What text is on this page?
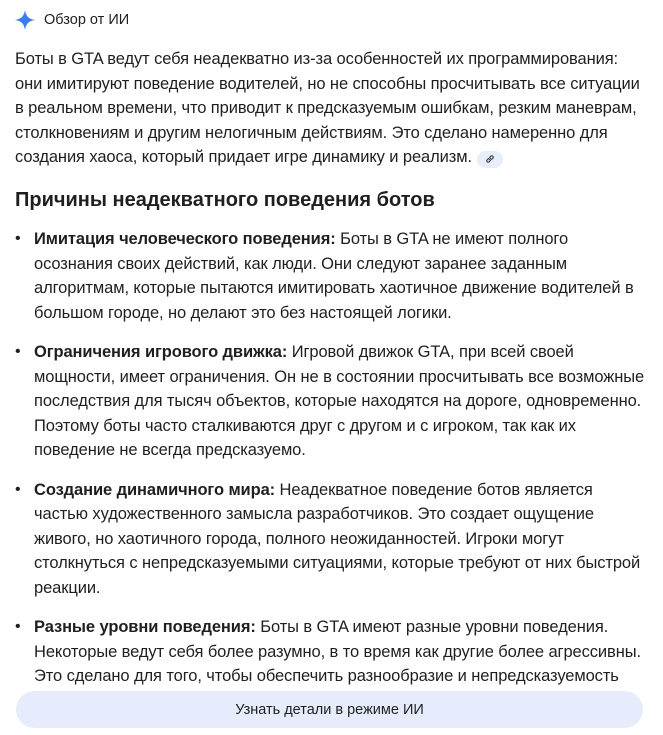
Обзор от ИИ

Боты в GTA ведут себя неадекватно из-за особенностей их программирования: они имитируют поведение водителей, но не способны просчитывать все ситуации в реальном времени, что приводит к предсказуемым ошибкам, резким маневрам, столкновениям и другим нелогичным действиям. Это сделано намеренно для создания хаоса, который придает игре динамику и реализм.

Причины неадекватного поведения ботов
• Имитация человеческого поведения: Боты в GTA не имеют полного осознания своих действий, как люди. Они следуют заранее заданным алгоритмам, которые пытаются имитировать хаотичное движение водителей в большом городе, но делают это без настоящей логики.
• Ограничения игрового движка: Игровой движок GTA, при всей своей мощности, имеет ограничения. Он не в состоянии просчитывать все возможные последствия для тысяч объектов, которые находятся на дороге, одновременно. Поэтому боты часто сталкиваются друг с другом и с игроком, так как их поведение не всегда предсказуемо.
• Создание динамичного мира: Неадекватное поведение ботов является частью художественного замысла разработчиков. Это создает ощущение живого, но хаотичного города, полного неожиданностей. Игроки могут столкнуться с непредсказуемыми ситуациями, которые требуют от них быстрой реакции.
• Разные уровни поведения: Боты в GTA имеют разные уровни поведения. Некоторые ведут себя более разумно, в то время как другие более агрессивны. Это сделано для того, чтобы обеспечить разнообразие и непредсказуемость
Узнать детали в режиме ИИ
